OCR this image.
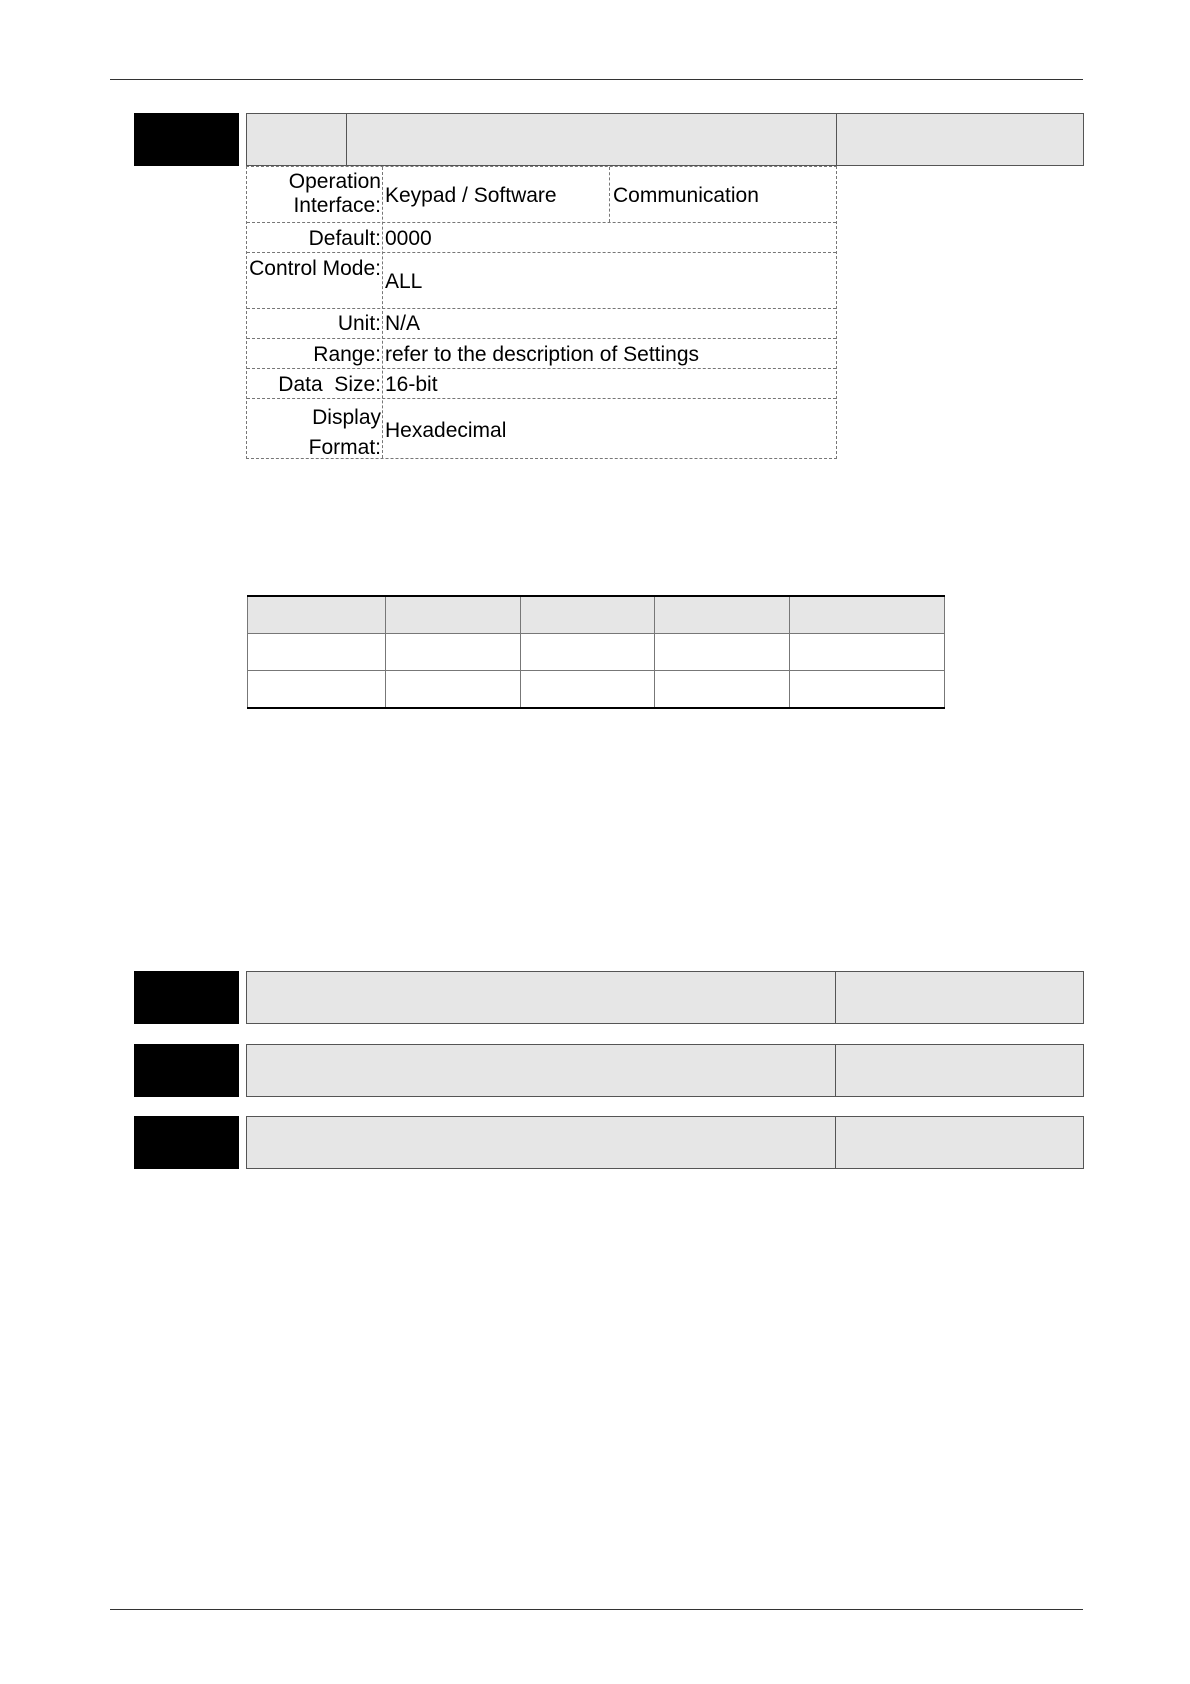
Operation Interface: Keypad / Software	Communication
Default: 0000
Control Mode:
ALL
Unit: N/A
Range: refer to the description of Settings
Data  Size: 16-bit
Display Format:
Hexadecimal
